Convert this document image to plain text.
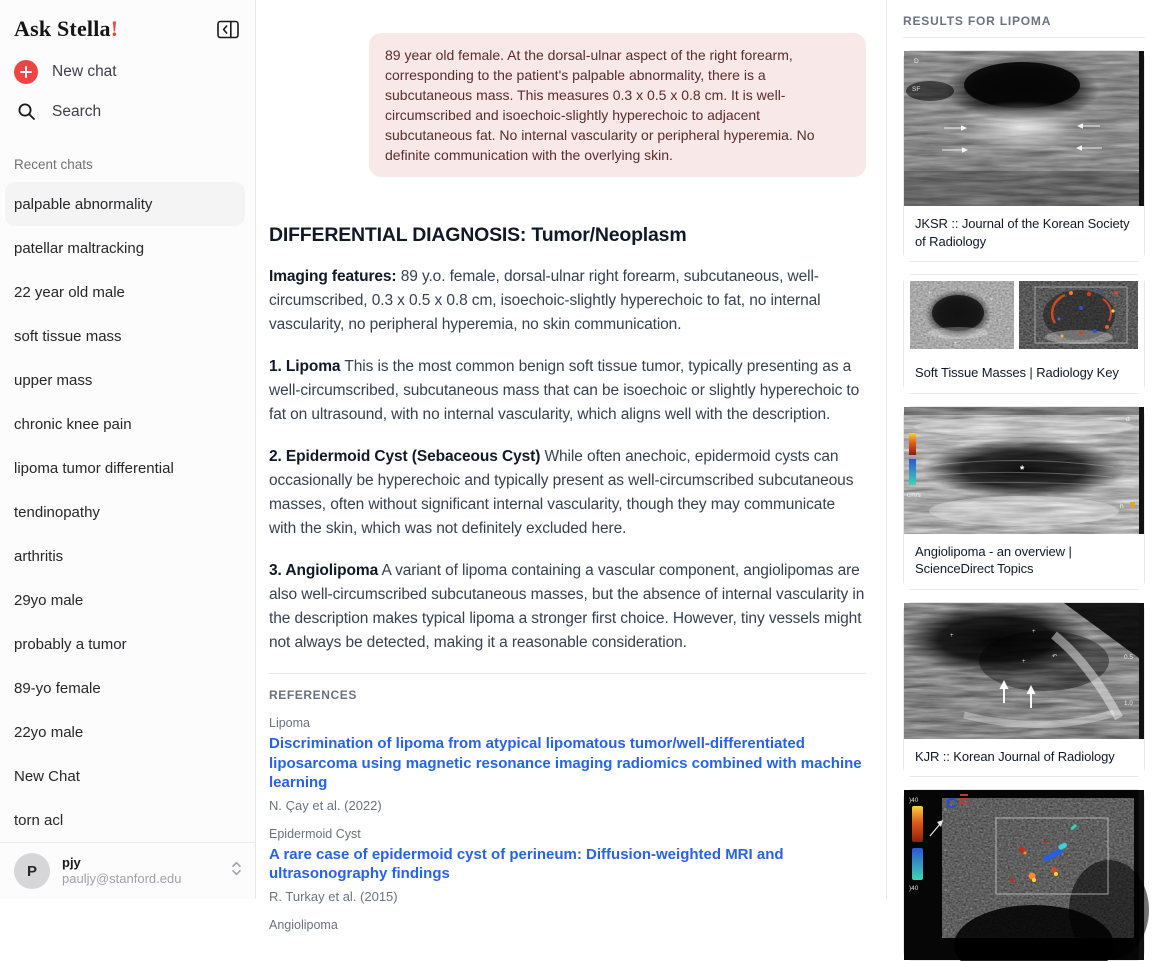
Ask Stella!
New chat
Search
Recent chats
palpable abnormality
patellar maltracking
22 year old male
soft tissue mass
upper mass
chronic knee pain
lipoma tumor differential
tendinopathy
arthritis
29yo male
probably a tumor
89-yo female
22yo male
New Chat
torn acl
P
pjy
pauljy@stanford.edu
89 year old female. At the dorsal-ulnar aspect of the right forearm, corresponding to the patient's palpable abnormality, there is a subcutaneous mass. This measures 0.3 x 0.5 x 0.8 cm. It is well-circumscribed and isoechoic-slightly hyperechoic to adjacent subcutaneous fat. No internal vascularity or peripheral hyperemia. No definite communication with the overlying skin.
DIFFERENTIAL DIAGNOSIS: Tumor/Neoplasm

Imaging features: 89 y.o. female, dorsal-ulnar right forearm, subcutaneous, well-circumscribed, 0.3 x 0.5 x 0.8 cm, isoechoic-slightly hyperechoic to fat, no internal vascularity, no peripheral hyperemia, no skin communication.

1. Lipoma This is the most common benign soft tissue tumor, typically presenting as a well-circumscribed, subcutaneous mass that can be isoechoic or slightly hyperechoic to fat on ultrasound, with no internal vascularity, which aligns well with the description.

2. Epidermoid Cyst (Sebaceous Cyst) While often anechoic, epidermoid cysts can occasionally be hyperechoic and typically present as well-circumscribed subcutaneous masses, often without significant internal vascularity, though they may communicate with the skin, which was not definitely excluded here.

3. Angiolipoma A variant of lipoma containing a vascular component, angiolipomas are also well-circumscribed subcutaneous masses, but the absence of internal vascularity in the description makes typical lipoma a stronger first choice. However, tiny vessels might not always be detected, making it a reasonable consideration.

REFERENCES
Lipoma
Discrimination of lipoma from atypical lipomatous tumor/well-differentiated liposarcoma using magnetic resonance imaging radiomics combined with machine learning
N. Çay et al. (2022)
Epidermoid Cyst
A rare case of epidermoid cyst of perineum: Diffusion-weighted MRI and ultrasonography findings
R. Turkay et al. (2015)
Angiolipoma
RESULTS FOR LIPOMA
D
SF
JKSR :: Journal of the Korean Society of Radiology
+
+
+
Soft Tissue Masses | Radiology Key
cm/s
*
d
h
Angiolipoma - an overview | ScienceDirect Topics
+
+
+
↶	0.5
1.0
KJR :: Korean Journal of Radiology
)40
)40
C
